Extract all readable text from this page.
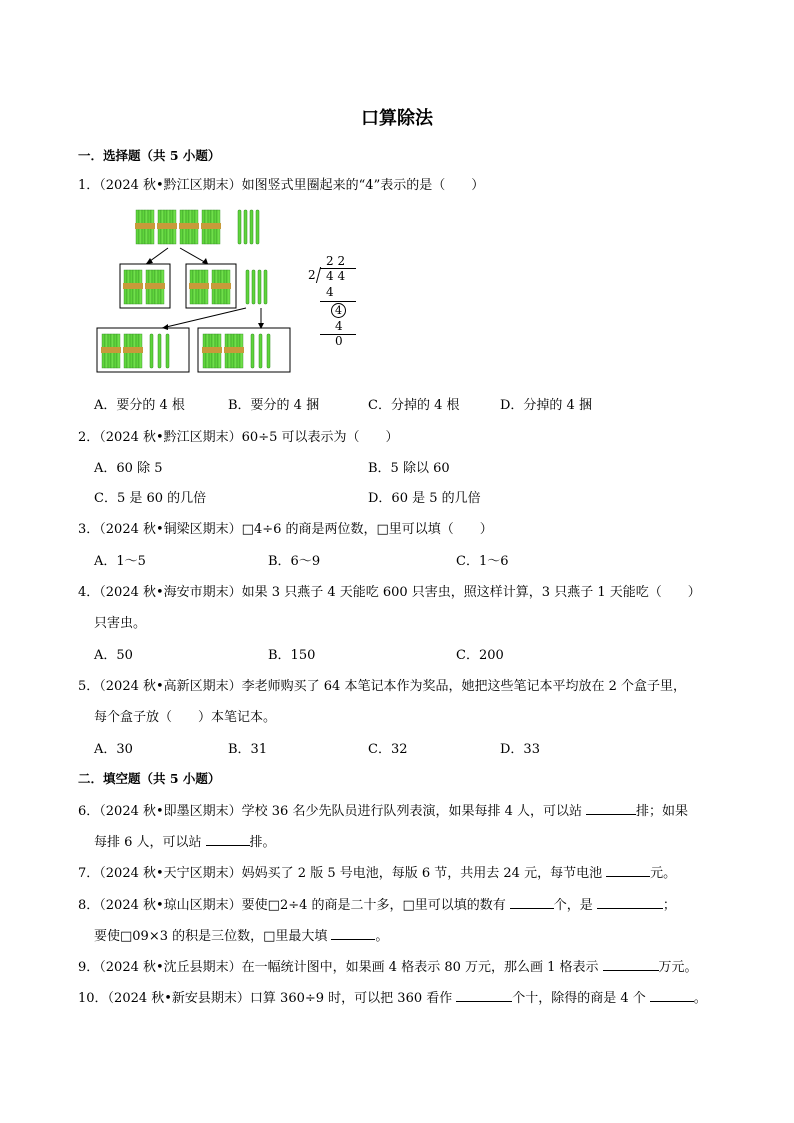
口算除法
一．选择题（共 5 小题）
1．（2024 秋•黔江区期末）如图竖式里圈起来的“4”表示的是（　　）
2 2
2 4 4
4
4
4
0
A．要分的 4 根	B．要分的 4 捆	C．分掉的 4 根	D．分掉的 4 捆
2．（2024 秋•黔江区期末）60÷5 可以表示为（　　）
A．60 除 5	B．5 除以 60
C．5 是 60 的几倍	D．60 是 5 的几倍
3．（2024 秋•铜梁区期末）□4÷6 的商是两位数，□里可以填（　　）
A．1～5	B．6～9	C．1～6
4．（2024 秋•海安市期末）如果 3 只燕子 4 天能吃 600 只害虫，照这样计算，3 只燕子 1 天能吃（　　）
只害虫。
A．50	B．150	C．200
5．（2024 秋•高新区期末）李老师购买了 64 本笔记本作为奖品，她把这些笔记本平均放在 2 个盒子里，
每个盒子放（　　）本笔记本。
A．30	B．31	C．32	D．33
二．填空题（共 5 小题）
6．（2024 秋•即墨区期末）学校 36 名少先队员进行队列表演，如果每排 4 人，可以站	排；如果
每排 6 人，可以站	排。
7．（2024 秋•天宁区期末）妈妈买了 2 版 5 号电池，每版 6 节，共用去 24 元，每节电池	元。
8．（2024 秋•琼山区期末）要使□2÷4 的商是二十多，□里可以填的数有	个，是	；
要使□09×3 的积是三位数，□里最大填	。
9．（2024 秋•沈丘县期末）在一幅统计图中，如果画 4 格表示 80 万元，那么画 1 格表示	万元。
10．（2024 秋•新安县期末）口算 360÷9 时，可以把 360 看作	个十，除得的商是 4 个	。
